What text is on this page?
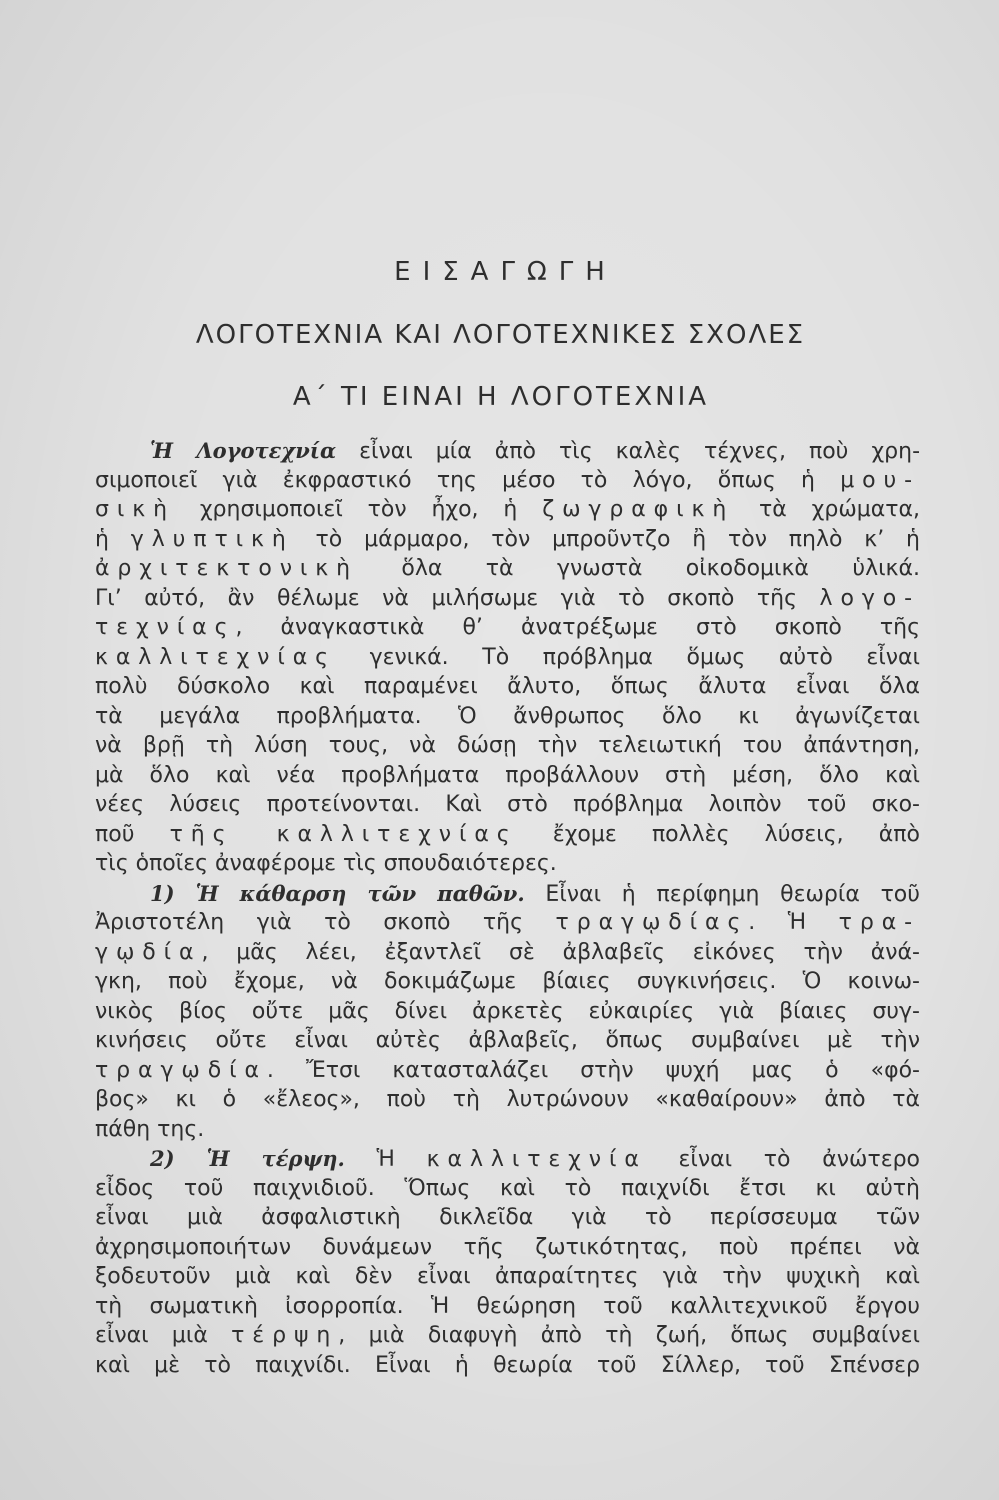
ΕΙΣΑΓΩΓΗ
ΛΟΓΟΤΕΧΝΙΑ ΚΑΙ ΛΟΓΟΤΕΧΝΙΚΕΣ ΣΧΟΛΕΣ
Α΄ ΤΙ ΕΙΝΑΙ Η ΛΟΓΟΤΕΧΝΙΑ
Ἡ Λογοτεχνία εἶναι μία ἀπὸ τὶς καλὲς τέχνες, ποὺ χρη-
σιμοποιεῖ γιὰ ἐκφραστικό της μέσο τὸ λόγο, ὅπως ἡ μου-
σικὴ χρησιμοποιεῖ τὸν ἦχο, ἡ ζωγραφικὴ τὰ χρώματα,
ἡ γλυπτικὴ τὸ μάρμαρο, τὸν μπροῦντζο ἢ τὸν πηλὸ κ’ ἡ
ἀρχιτεκτονικὴ ὅλα τὰ γνωστὰ οἰκοδομικὰ ὑλικά.
Γι’ αὐτό, ἂν θέλωμε νὰ μιλήσωμε γιὰ τὸ σκοπὸ τῆς λογο-
τεχνίας, ἀναγκαστικὰ θ’ ἀνατρέξωμε στὸ σκοπὸ τῆς
καλλιτεχνίας γενικά. Τὸ πρόβλημα ὅμως αὐτὸ εἶναι
πολὺ δύσκολο καὶ παραμένει ἄλυτο, ὅπως ἄλυτα εἶναι ὅλα
τὰ μεγάλα προβλήματα. Ὁ ἄνθρωπος ὅλο κι ἀγωνίζεται
νὰ βρῇ τὴ λύση τους, νὰ δώσῃ τὴν τελειωτική του ἀπάντηση,
μὰ ὅλο καὶ νέα προβλήματα προβάλλουν στὴ μέση, ὅλο καὶ
νέες λύσεις προτείνονται. Καὶ στὸ πρόβλημα λοιπὸν τοῦ σκο-
ποῦ τῆς καλλιτεχνίας ἔχομε πολλὲς λύσεις, ἀπὸ
τὶς ὁποῖες ἀναφέρομε τὶς σπουδαιότερες.
1) Ἡ κάθαρση τῶν παθῶν. Εἶναι ἡ περίφημη θεωρία τοῦ
Ἀριστοτέλη γιὰ τὸ σκοπὸ τῆς τραγῳδίας. Ἡ τρα-
γῳδία, μᾶς λέει, ἐξαντλεῖ σὲ ἀβλαβεῖς εἰκόνες τὴν ἀνά-
γκη, ποὺ ἔχομε, νὰ δοκιμάζωμε βίαιες συγκινήσεις. Ὁ κοινω-
νικὸς βίος οὔτε μᾶς δίνει ἀρκετὲς εὐκαιρίες γιὰ βίαιες συγ-
κινήσεις οὔτε εἶναι αὐτὲς ἀβλαβεῖς, ὅπως συμβαίνει μὲ τὴν
τραγῳδία. Ἔτσι κατασταλάζει στὴν ψυχή μας ὁ «φό-
βος» κι ὁ «ἔλεος», ποὺ τὴ λυτρώνουν «καθαίρουν» ἀπὸ τὰ
πάθη της.
2) Ἡ τέρψη. Ἡ καλλιτεχνία εἶναι τὸ ἀνώτερο
εἶδος τοῦ παιχνιδιοῦ. Ὅπως καὶ τὸ παιχνίδι ἔτσι κι αὐτὴ
εἶναι μιὰ ἀσφαλιστικὴ δικλεῖδα γιὰ τὸ περίσσευμα τῶν
ἀχρησιμοποιήτων δυνάμεων τῆς ζωτικότητας, ποὺ πρέπει νὰ
ξοδευτοῦν μιὰ καὶ δὲν εἶναι ἀπαραίτητες γιὰ τὴν ψυχικὴ καὶ
τὴ σωματικὴ ἰσορροπία. Ἡ θεώρηση τοῦ καλλιτεχνικοῦ ἔργου
εἶναι μιὰ τέρψη, μιὰ διαφυγὴ ἀπὸ τὴ ζωή, ὅπως συμβαίνει
καὶ μὲ τὸ παιχνίδι. Εἶναι ἡ θεωρία τοῦ Σίλλερ, τοῦ Σπένσερ
